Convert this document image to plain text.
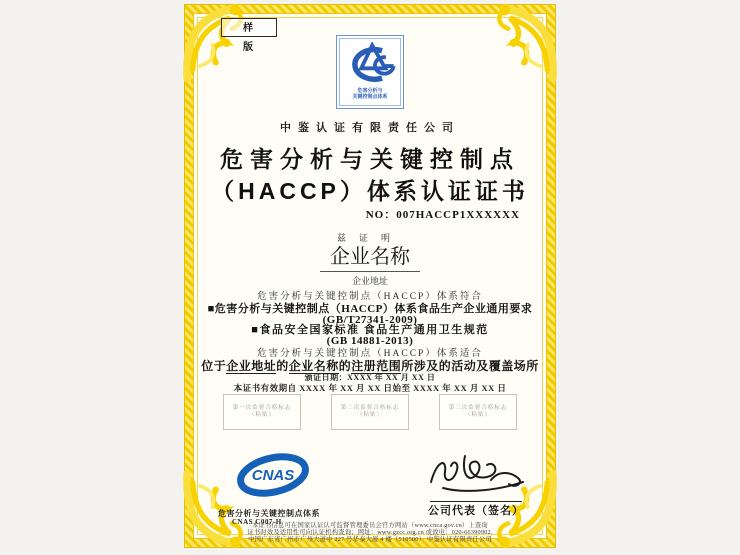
样版
危害分析与
关键控制点体系
中鉴认证有限责任公司
危害分析与关键控制点
（HACCP）体系认证证书
NO：007HACCP1XXXXXX
兹证明
企业名称
企业地址
危害分析与关键控制点（HACCP）体系符合
■危害分析与关键控制点（HACCP）体系食品生产企业通用要求
(GB/T27341-2009)
■食品安全国家标准 食品生产通用卫生规范
(GB 14881-2013)
危害分析与关键控制点（HACCP）体系适合
位于企业地址的企业名称的注册范围所涉及的活动及覆盖场所
颁证日期：XXXX 年 XX 月 XX 日
本证书有效期自 XXXX 年 XX 月 XX 日始至 XXXX 年 XX 月 XX 日
第一次监督合格标志
（粘贴）
第二次监督合格标志
（粘贴）
第三次监督合格标志
（粘贴）
CNAS
危害分析与关键控制点体系
CNAS C007-H
公司代表（签名）
本证书信息可在国家认证认可监督管理委员会官方网站（www.cnca.gov.cn）上查询
证书时效及适用性可向认证机构查询；网址：www.gzcc.org.cn 或致电：020-66390902.
中国广东省广州市广州大道中 227 号华泰大厦 4 楼（510500） 中鉴认证有限责任公司
